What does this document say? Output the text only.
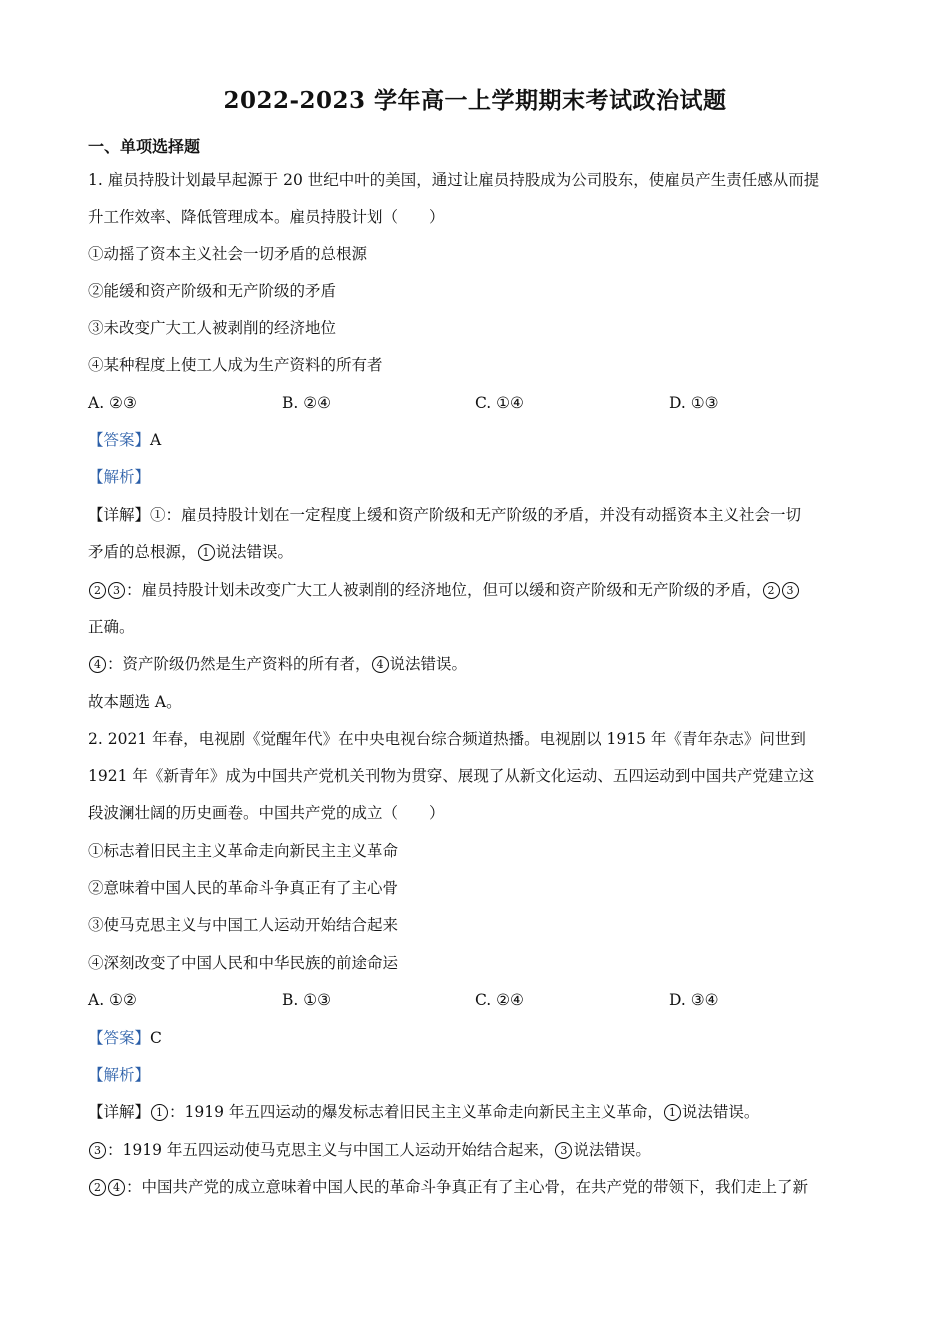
2022-2023 学年高一上学期期末考试政治试题
一、单项选择题
1. 雇员持股计划最早起源于 20 世纪中叶的美国，通过让雇员持股成为公司股东，使雇员产生责任感从而提
升工作效率、降低管理成本。雇员持股计划（　　）
①动摇了资本主义社会一切矛盾的总根源
②能缓和资产阶级和无产阶级的矛盾
③未改变广大工人被剥削的经济地位
④某种程度上使工人成为生产资料的所有者
A. ②③	B. ②④	C. ①④	D. ①③
【答案】A
【解析】
【详解】①：雇员持股计划在一定程度上缓和资产阶级和无产阶级的矛盾，并没有动摇资本主义社会一切
矛盾的总根源， 1 说法错误。
2 3 ：雇员持股计划未改变广大工人被剥削的经济地位，但可以缓和资产阶级和无产阶级的矛盾， 2 3
正确。
4 ：资产阶级仍然是生产资料的所有者， 4 说法错误。
故本题选 A。
2. 2021 年春，电视剧《觉醒年代》在中央电视台综合频道热播。电视剧以 1915 年《青年杂志》问世到
1921 年《新青年》成为中国共产党机关刊物为贯穿、展现了从新文化运动、五四运动到中国共产党建立这
段波澜壮阔的历史画卷。中国共产党的成立（　　）
①标志着旧民主主义革命走向新民主主义革命
②意味着中国人民的革命斗争真正有了主心骨
③使马克思主义与中国工人运动开始结合起来
④深刻改变了中国人民和中华民族的前途命运
A. ①②	B. ①③	C. ②④	D. ③④
【答案】C
【解析】
【详解】 1 ：1919 年五四运动的爆发标志着旧民主主义革命走向新民主主义革命， 1 说法错误。
3 ：1919 年五四运动使马克思主义与中国工人运动开始结合起来， 3 说法错误。
2 4 ：中国共产党的成立意味着中国人民的革命斗争真正有了主心骨，在共产党的带领下，我们走上了新
